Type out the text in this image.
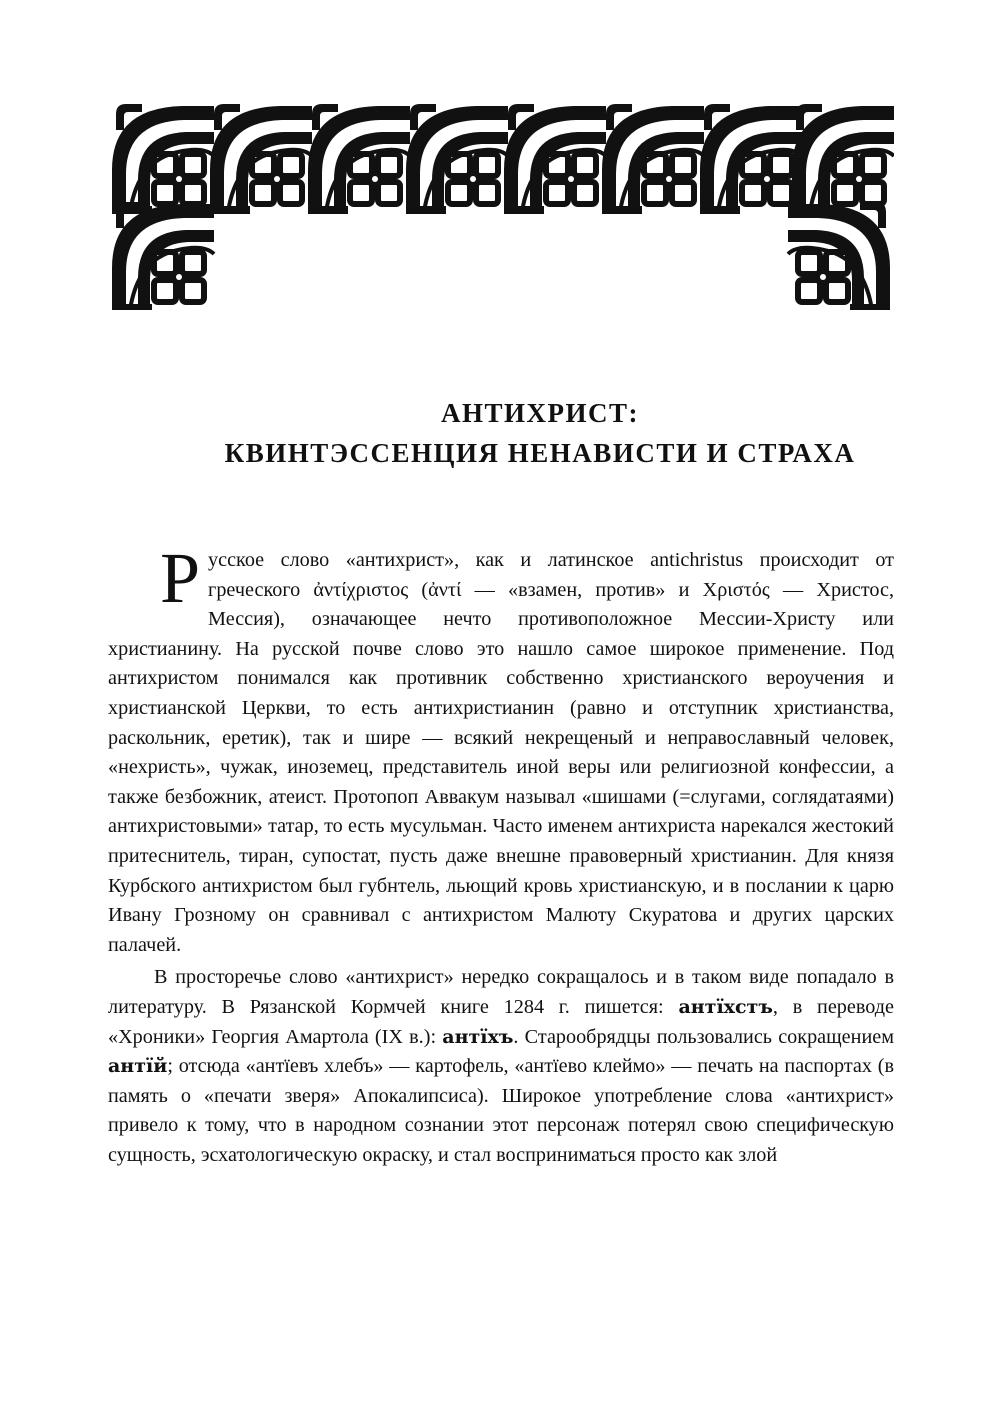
АНТИХРИСТ:
КВИНТЭССЕНЦИЯ НЕНАВИСТИ И СТРАХА

Русское слово «антихрист», как и латинское antichristus происходит от греческого ἀντίχριστος (ἀντί — «взамен, против» и Χριστός — Христос, Мессия), означающее нечто противоположное Мессии-Христу или христианину. На русской почве слово это нашло самое широкое применение. Под антихристом понимался как противник собственно христианского вероучения и христианской Церкви, то есть антихристианин (равно и отступник христианства, раскольник, еретик), так и шире — всякий некрещеный и неправославный человек, «нехристь», чужак, иноземец, представитель иной веры или религиозной конфессии, а также безбожник, атеист. Протопоп Аввакум называл «шишами (=слугами, соглядатаями) антихристовыми» татар, то есть мусульман. Часто именем антихриста нарекался жестокий притеснитель, тиран, супостат, пусть даже внешне правоверный христианин. Для князя Курбского антихристом был губнтель, льющий кровь христианскую, и в послании к царю Ивану Грозному он сравнивал с антихристом Малюту Скуратова и других царских палачей.

В просторечье слово «антихрист» нередко сокращалось и в таком виде попадало в литературу. В Рязанской Кормчей книге 1284 г. пишется: антїхстъ, в переводе «Хроники» Георгия Амартола (IX в.): антїхъ. Старообрядцы пользовались сокращением антїй; отсюда «антїевъ хлебъ» — картофель, «антїево клеймо» — печать на паспортах (в память о «печати зверя» Апокалипсиса). Широкое употребление слова «антихрист» привело к тому, что в народном сознании этот персонаж потерял свою специфическую сущность, эсхатологическую окраску, и стал восприниматься просто как злой
